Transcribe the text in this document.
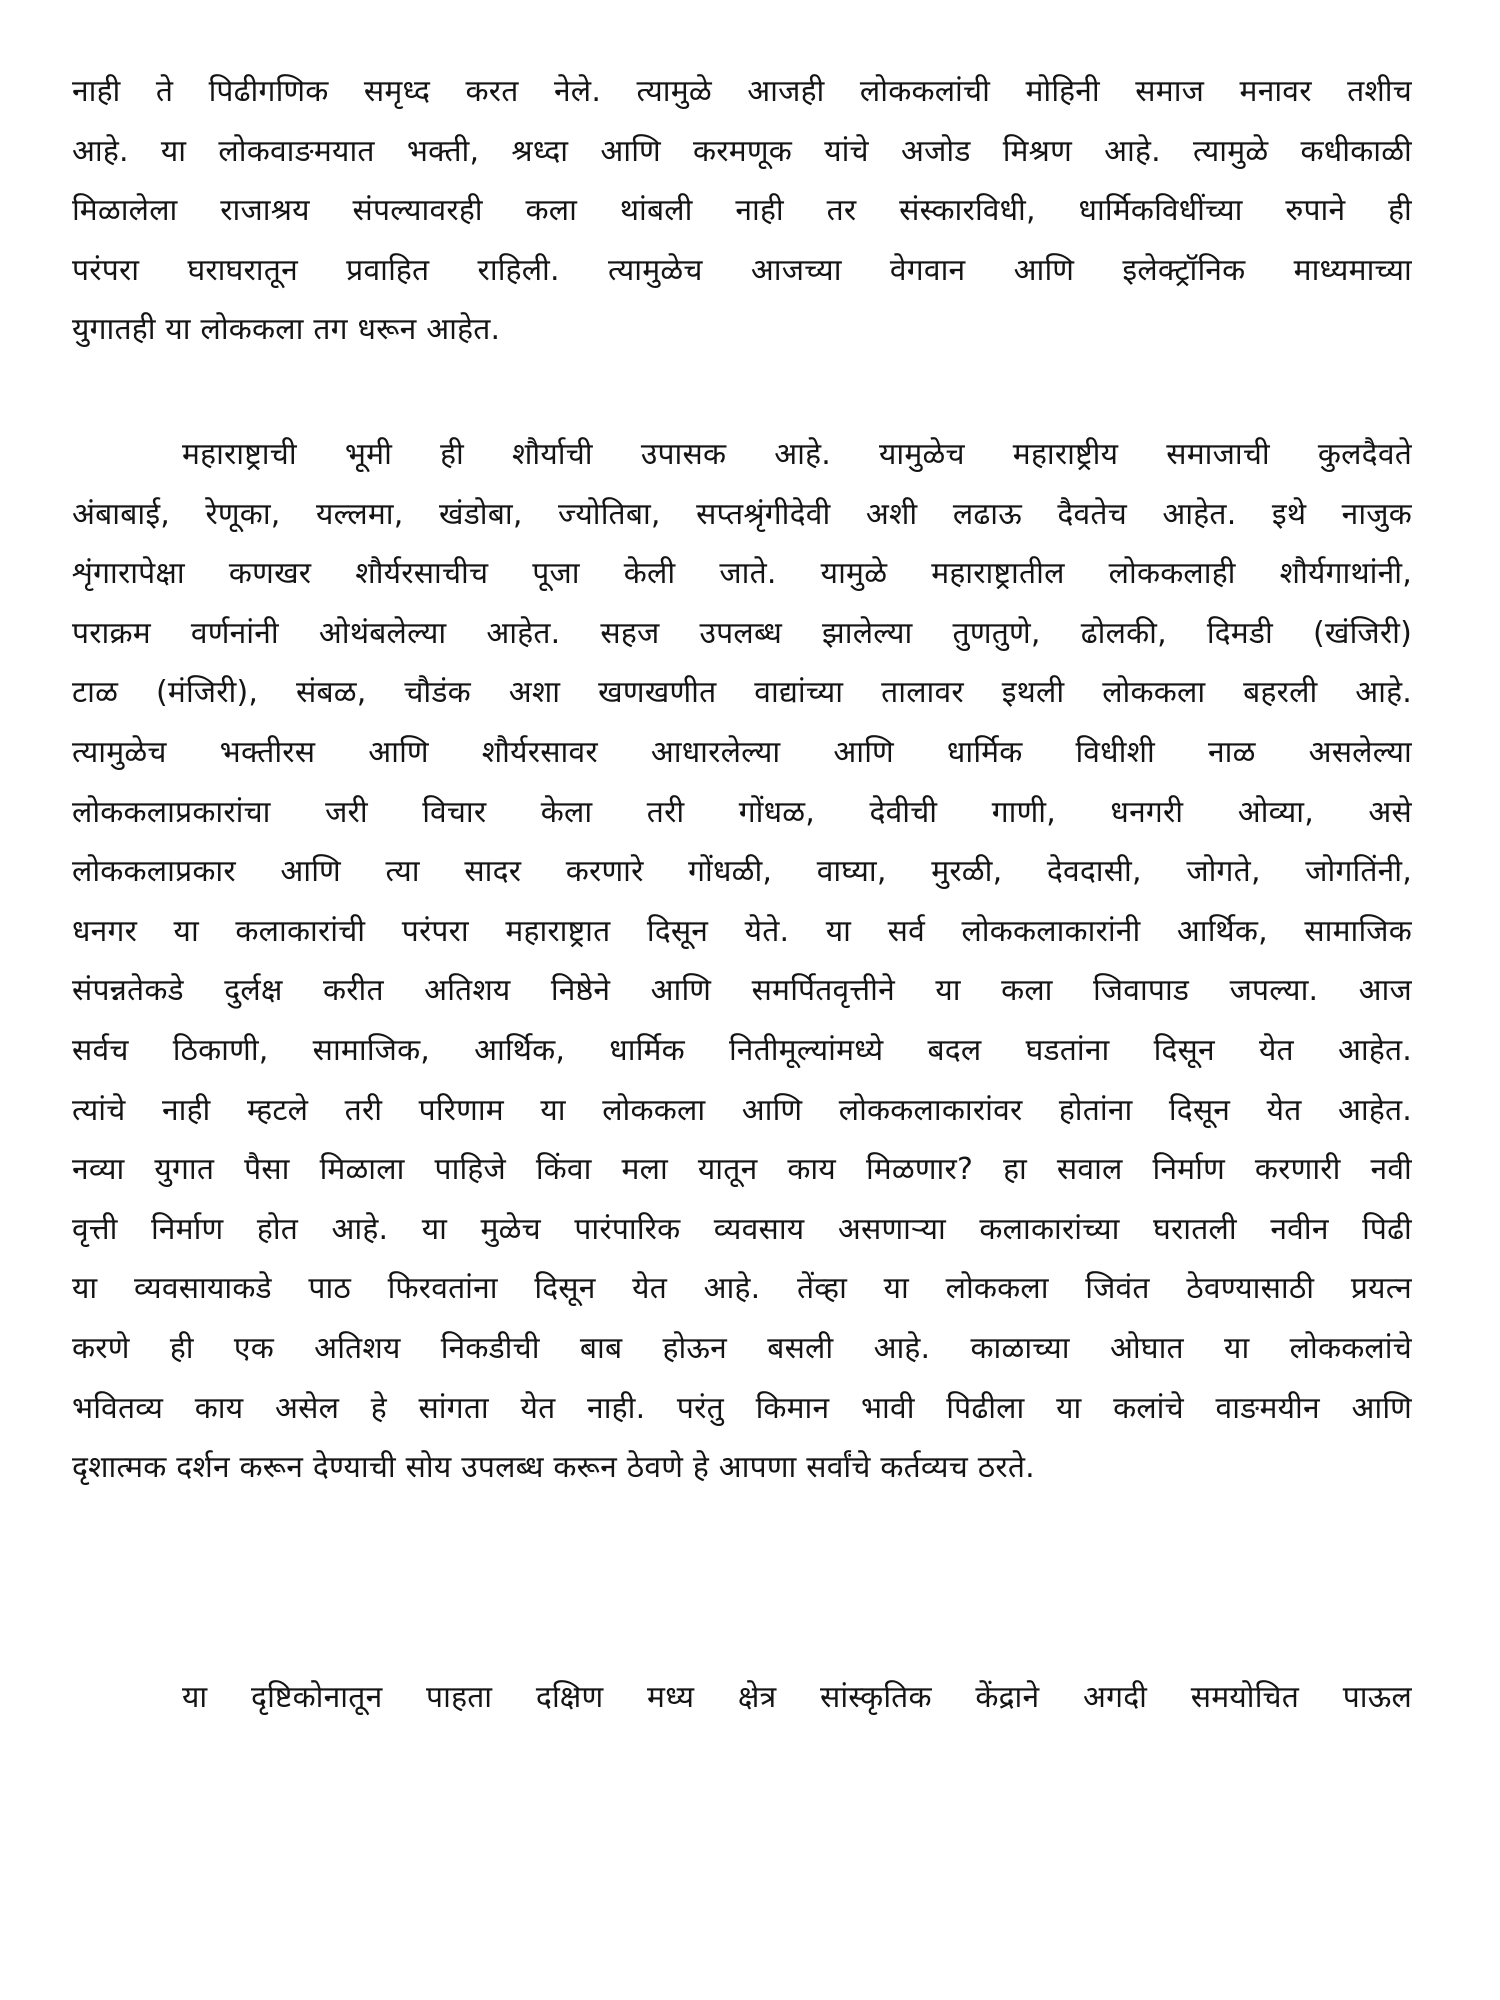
नाही ते पिढीगणिक समृध्द करत नेले. त्यामुळे आजही लोककलांची मोहिनी समाज मनावर तशीच
आहे. या लोकवाङमयात भक्ती, श्रध्दा आणि करमणूक यांचे अजोड मिश्रण आहे. त्यामुळे कधीकाळी
मिळालेला राजाश्रय संपल्यावरही कला थांबली नाही तर संस्कारविधी, धार्मिकविधींच्या रुपाने ही
परंपरा घराघरातून प्रवाहित राहिली. त्यामुळेच आजच्या वेगवान आणि इलेक्ट्रॉनिक माध्यमाच्या
युगातही या लोककला तग धरून आहेत.

महाराष्ट्राची भूमी ही शौर्याची उपासक आहे. यामुळेच महाराष्ट्रीय समाजाची कुलदैवते
अंबाबाई, रेणूका, यल्लमा, खंडोबा, ज्योतिबा, सप्तश्रृंगीदेवी अशी लढाऊ दैवतेच आहेत. इथे नाजुक
शृंगारापेक्षा कणखर शौर्यरसाचीच पूजा केली जाते. यामुळे महाराष्ट्रातील लोककलाही शौर्यगाथांनी,
पराक्रम वर्णनांनी ओथंबलेल्या आहेत. सहज उपलब्ध झालेल्या तुणतुणे, ढोलकी, दिमडी (खंजिरी)
टाळ (मंजिरी), संबळ, चौडंक अशा खणखणीत वाद्यांच्या तालावर इथली लोककला बहरली आहे.
त्यामुळेच भक्तीरस आणि शौर्यरसावर आधारलेल्या आणि धार्मिक विधीशी नाळ असलेल्या
लोककलाप्रकारांचा जरी विचार केला तरी गोंधळ, देवीची गाणी, धनगरी ओव्या, असे
लोककलाप्रकार आणि त्या सादर करणारे गोंधळी, वाघ्या, मुरळी, देवदासी, जोगते, जोगतिंनी,
धनगर या कलाकारांची परंपरा महाराष्ट्रात दिसून येते. या सर्व लोककलाकारांनी आर्थिक, सामाजिक
संपन्नतेकडे दुर्लक्ष करीत अतिशय निष्ठेने आणि समर्पितवृत्तीने या कला जिवापाड जपल्या. आज
सर्वच ठिकाणी, सामाजिक, आर्थिक, धार्मिक नितीमूल्यांमध्ये बदल घडतांना दिसून येत आहेत.
त्यांचे नाही म्हटले तरी परिणाम या लोककला आणि लोककलाकारांवर होतांना दिसून येत आहेत.
नव्या युगात पैसा मिळाला पाहिजे किंवा मला यातून काय मिळणार? हा सवाल निर्माण करणारी नवी
वृत्ती निर्माण होत आहे. या मुळेच पारंपारिक व्यवसाय असणाऱ्या कलाकारांच्या घरातली नवीन पिढी
या व्यवसायाकडे पाठ फिरवतांना दिसून येत आहे. तेंव्हा या लोककला जिवंत ठेवण्यासाठी प्रयत्न
करणे ही एक अतिशय निकडीची बाब होऊन बसली आहे. काळाच्या ओघात या लोककलांचे
भवितव्य काय असेल हे सांगता येत नाही. परंतु किमान भावी पिढीला या कलांचे वाङमयीन आणि
दृशात्मक दर्शन करून देण्याची सोय उपलब्ध करून ठेवणे हे आपणा सर्वांचे कर्तव्यच ठरते.

या दृष्टिकोनातून पाहता दक्षिण मध्य क्षेत्र सांस्कृतिक केंद्राने अगदी समयोचित पाऊल
